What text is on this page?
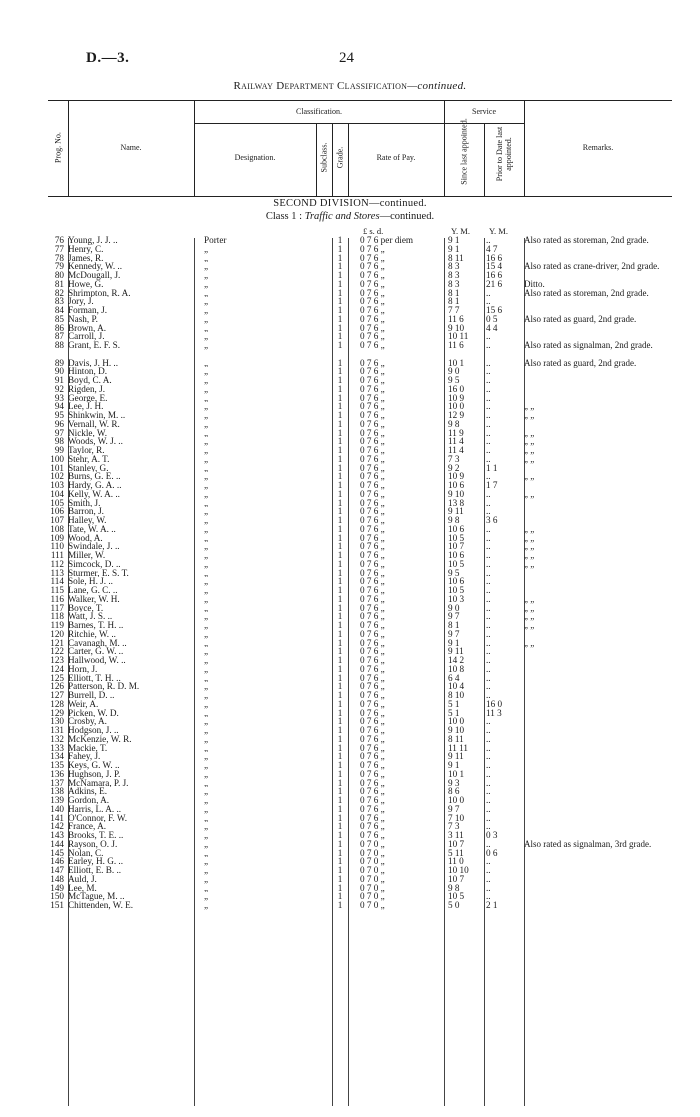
D.—3.	24
Railway Department Classification—continued.
Prog. No.	Name.
Classification.
Designation.	Subclass. Grade.	Rate of Pay.
Service
Since last appointed.	Prior to Date last appointed.	Remarks.
SECOND DIVISION—continued.
Class 1 : Traffic and Stores—continued.
£ s. d.	Y. M. Y. M.
76 Young, J. J. ..	Porter	1	0 7 6 per diem	9 1	..	Also rated as storeman, 2nd grade.
77 Henry, C.	„	1	0 7 6 „	9 1	4 7
78 James, R.	„	1	0 7 6 „	8 11	16 6
79 Kennedy, W. ..	„	1	0 7 6 „	8 3	15 4	Also rated as crane-driver, 2nd grade.
80 McDougall, J.	„	1	0 7 6 „	8 3	16 6
81 Howe, G.	„	1	0 7 6 „	8 3	21 6	Ditto.
82 Shrimpton, R. A.	„	1	0 7 6 „	8 1	..	Also rated as storeman, 2nd grade.
83 Jory, J.	„	1	0 7 6 „	8 1	..
84 Forman, J.	„	1	0 7 6 „	7 7	15 6
85 Nash, P.	„	1	0 7 6 „	11 6	0 5	Also rated as guard, 2nd grade.
86 Brown, A.	„	1	0 7 6 „	9 10	4 4
87 Carroll, J.	„	1	0 7 6 „	10 11	..
88 Grant, E. F. S.	„	1	0 7 6 „	11 6	..	Also rated as signalman, 2nd grade.
89 Davis, J. H. ..	„	1	0 7 6 „	10 1	..	Also rated as guard, 2nd grade.
90 Hinton, D.	„	1	0 7 6 „	9 0	..
91 Boyd, C. A.	„	1	0 7 6 „	9 5	..
92 Rigden, J.	„	1	0 7 6 „	16 0	..
93 George, E.	„	1	0 7 6 „	10 9	..
94 Lee, J. H.	„	1	0 7 6 „	10 0	..	„ „
95 Shinkwin, M. ..	„	1	0 7 6 „	12 9	..	„ „
96 Vernall, W. R.	„	1	0 7 6 „	9 8	..
97 Nickle, W.	„	1	0 7 6 „	11 9	..	„ „
98 Woods, W. J. ..	„	1	0 7 6 „	11 4	..	„ „
99 Taylor, R.	„	1	0 7 6 „	11 4	..	„ „
100 Stehr, A. T.	„	1	0 7 6 „	7 3	..	„ „
101 Stanley, G.	„	1	0 7 6 „	9 2	1 1
102 Burns, G. E. ..	„	1	0 7 6 „	10 9	..	„ „
103 Hardy, G. A. ..	„	1	0 7 6 „	10 6	1 7
104 Kelly, W. A. ..	„	1	0 7 6 „	9 10	..	„ „
105 Smith, J.	„	1	0 7 6 „	13 8	..
106 Barron, J.	„	1	0 7 6 „	9 11	..
107 Halley, W.	„	1	0 7 6 „	9 8	3 6
108 Tate, W. A. ..	„	1	0 7 6 „	10 6	..	„ „
109 Wood, A.	„	1	0 7 6 „	10 5	..	„ „
110 Swindale, J. ..	„	1	0 7 6 „	10 7	..	„ „
111 Miller, W.	„	1	0 7 6 „	10 6	..	„ „
112 Simcock, D. ..	„	1	0 7 6 „	10 5	..	„ „
113 Sturmer, E. S. T.	„	1	0 7 6 „	9 5	..
114 Sole, H. J. ..	„	1	0 7 6 „	10 6	..
115 Lane, G. C. ..	„	1	0 7 6 „	10 5	..
116 Walker, W. H.	„	1	0 7 6 „	10 3	..	„ „
117 Boyce, T.	„	1	0 7 6 „	9 0	..	„ „
118 Watt, J. S. ..	„	1	0 7 6 „	9 7	..	„ „
119 Barnes, T. H. ..	„	1	0 7 6 „	8 1	..	„ „
120 Ritchie, W. ..	„	1	0 7 6 „	9 7	..
121 Cavanagh, M. ..	„	1	0 7 6 „	9 1	..	„ „
122 Carter, G. W. ..	„	1	0 7 6 „	9 11	..
123 Hallwood, W. ..	„	1	0 7 6 „	14 2	..
124 Horn, J.	„	1	0 7 6 „	10 8	..
125 Elliott, T. H. ..	„	1	0 7 6 „	6 4	..
126 Patterson, R. D. M.	„	1	0 7 6 „	10 4	..
127 Burrell, D. ..	„	1	0 7 6 „	8 10	..
128 Weir, A.	„	1	0 7 6 „	5 1	16 0
129 Picken, W. D.	„	1	0 7 6 „	5 1	11 3
130 Crosby, A.	„	1	0 7 6 „	10 0	..
131 Hodgson, J. ..	„	1	0 7 6 „	9 10	..
132 McKenzie, W. R.	„	1	0 7 6 „	8 11	..
133 Mackie, T.	„	1	0 7 6 „	11 11	..
134 Fahey, J.	„	1	0 7 6 „	9 11	..
135 Keys, G. W. ..	„	1	0 7 6 „	9 1	..
136 Hughson, J. P.	„	1	0 7 6 „	10 1	..
137 McNamara, P. J.	„	1	0 7 6 „	9 3	..
138 Adkins, E.	„	1	0 7 6 „	8 6	..
139 Gordon, A.	„	1	0 7 6 „	10 0	..
140 Harris, L. A. ..	„	1	0 7 6 „	9 7	..
141 O'Connor, F. W.	„	1	0 7 6 „	7 10	..
142 France, A.	„	1	0 7 6 „	7 3	..
143 Brooks, T. E. ..	„	1	0 7 6 „	3 11	0 3
144 Rayson, O. J.	„	1	0 7 0 „	10 7	..	Also rated as signalman, 3rd grade.
145 Nolan, C.	„	1	0 7 0 „	5 11	0 6
146 Earley, H. G. ..	„	1	0 7 0 „	11 0	..
147 Elliott, E. B. ..	„	1	0 7 0 „	10 10	..
148 Auld, J.	„	1	0 7 0 „	10 7	..
149 Lee, M.	„	1	0 7 0 „	9 8	..
150 McTague, M. ..	„	1	0 7 0 „	10 5	..
151 Chittenden, W. E.	„	1	0 7 0 „	5 0	2 1
